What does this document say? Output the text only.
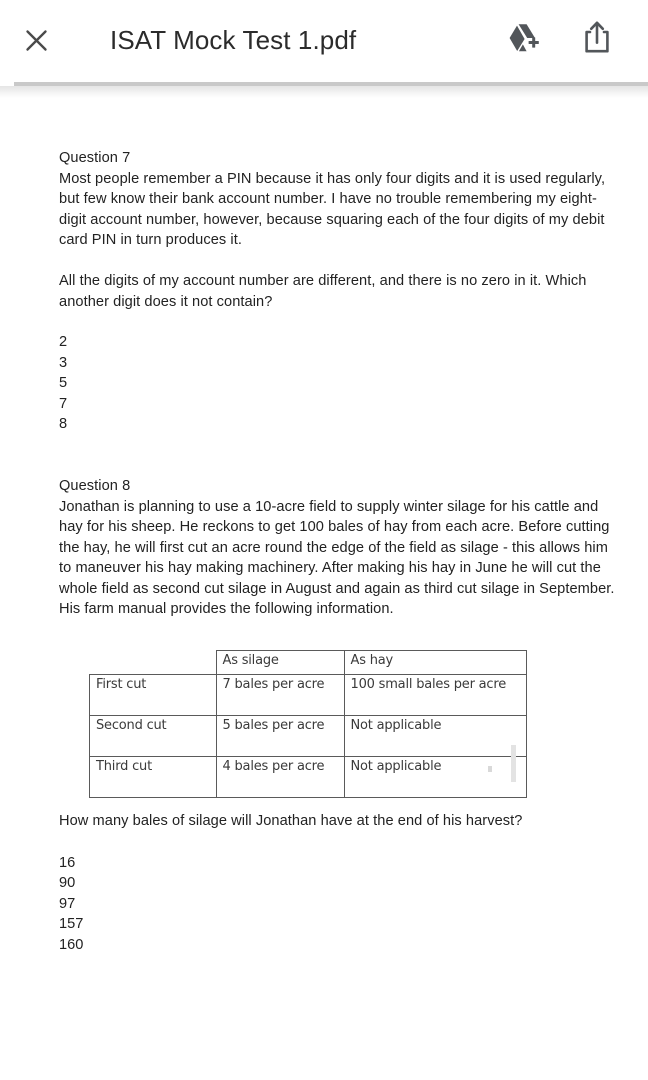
ISAT Mock Test 1.pdf
Question 7
Most people remember a PIN because it has only four digits and it is used regularly, but few know their bank account number. I have no trouble remembering my eight-digit account number, however, because squaring each of the four digits of my debit card PIN in turn produces it.
All the digits of my account number are different, and there is no zero in it. Which another digit does it not contain?
2
3
5
7
8
Question 8
Jonathan is planning to use a 10-acre field to supply winter silage for his cattle and hay for his sheep. He reckons to get 100 bales of hay from each acre. Before cutting the hay, he will first cut an acre round the edge of the field as silage - this allows him to maneuver his hay making machinery. After making his hay in June he will cut the whole field as second cut silage in August and again as third cut silage in September. His farm manual provides the following information.
	As silage	As hay
First cut	7 bales per acre	100 small bales per acre
Second cut	5 bales per acre	Not applicable
Third cut	4 bales per acre	Not applicable
How many bales of silage will Jonathan have at the end of his harvest?
16
90
97
157
160
